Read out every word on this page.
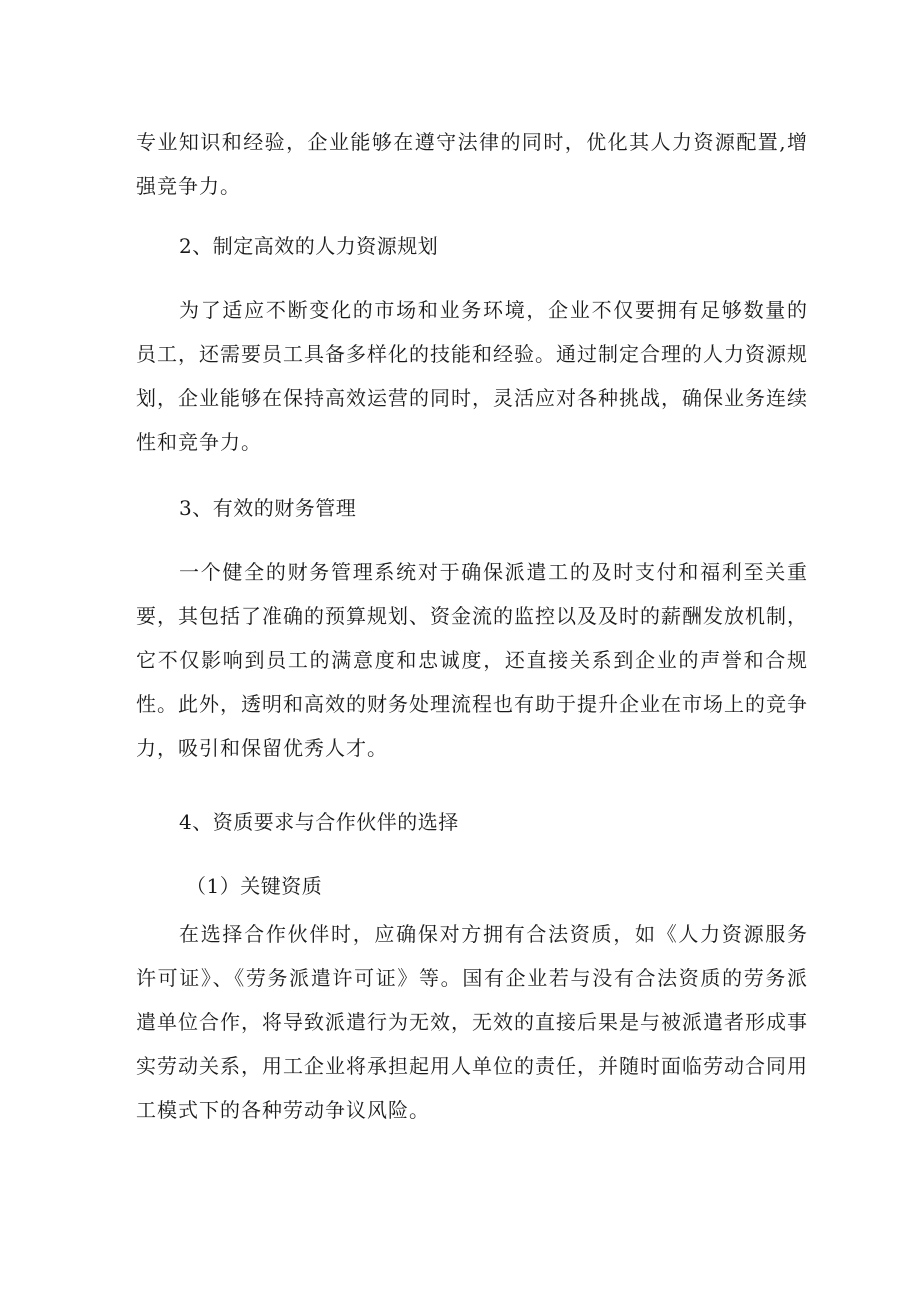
专业知识和经验，企业能够在遵守法律的同时，优化其人力资源配置,增强竞争力。

2、制定高效的人力资源规划

为了适应不断变化的市场和业务环境，企业不仅要拥有足够数量的员工，还需要员工具备多样化的技能和经验。通过制定合理的人力资源规划，企业能够在保持高效运营的同时，灵活应对各种挑战，确保业务连续性和竞争力。

3、有效的财务管理

一个健全的财务管理系统对于确保派遣工的及时支付和福利至关重要，其包括了准确的预算规划、资金流的监控以及及时的薪酬发放机制，它不仅影响到员工的满意度和忠诚度，还直接关系到企业的声誉和合规性。此外，透明和高效的财务处理流程也有助于提升企业在市场上的竞争力，吸引和保留优秀人才。

4、资质要求与合作伙伴的选择

（1）关键资质

在选择合作伙伴时，应确保对方拥有合法资质，如《人力资源服务许可证》、《劳务派遣许可证》等。国有企业若与没有合法资质的劳务派遣单位合作，将导致派遣行为无效，无效的直接后果是与被派遣者形成事实劳动关系，用工企业将承担起用人单位的责任，并随时面临劳动合同用工模式下的各种劳动争议风险。
